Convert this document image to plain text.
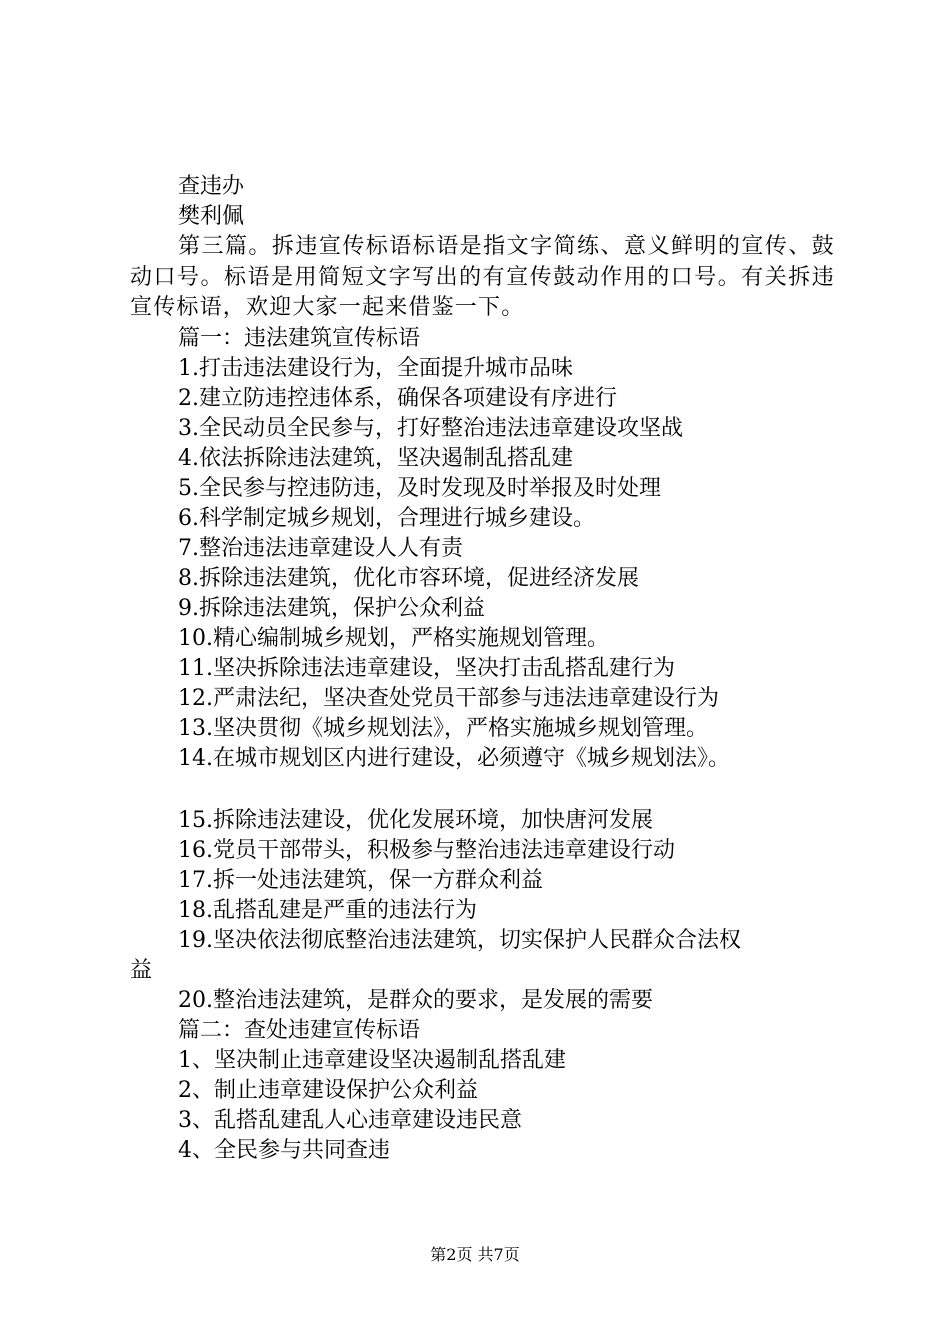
查违办
樊利佩
第三篇。拆违宣传标语标语是指文字简练、意义鲜明的宣传、鼓动口号。标语是用简短文字写出的有宣传鼓动作用的口号。有关拆违宣传标语，欢迎大家一起来借鉴一下。
篇一：违法建筑宣传标语
1.打击违法建设行为，全面提升城市品味
2.建立防违控违体系，确保各项建设有序进行
3.全民动员全民参与，打好整治违法违章建设攻坚战
4.依法拆除违法建筑，坚决遏制乱搭乱建
5.全民参与控违防违，及时发现及时举报及时处理
6.科学制定城乡规划，合理进行城乡建设。
7.整治违法违章建设人人有责
8.拆除违法建筑，优化市容环境，促进经济发展
9.拆除违法建筑，保护公众利益
10.精心编制城乡规划，严格实施规划管理。
11.坚决拆除违法违章建设，坚决打击乱搭乱建行为
12.严肃法纪，坚决查处党员干部参与违法违章建设行为
13.坚决贯彻《城乡规划法》，严格实施城乡规划管理。
14.在城市规划区内进行建设，必须遵守《城乡规划法》。
15.拆除违法建设，优化发展环境，加快唐河发展
16.党员干部带头，积极参与整治违法违章建设行动
17.拆一处违法建筑，保一方群众利益
18.乱搭乱建是严重的违法行为
19.坚决依法彻底整治违法建筑，切实保护人民群众合法权
益
20.整治违法建筑，是群众的要求，是发展的需要
篇二：查处违建宣传标语
1、坚决制止违章建设坚决遏制乱搭乱建
2、制止违章建设保护公众利益
3、乱搭乱建乱人心违章建设违民意
4、全民参与共同查违
第2页 共7页
